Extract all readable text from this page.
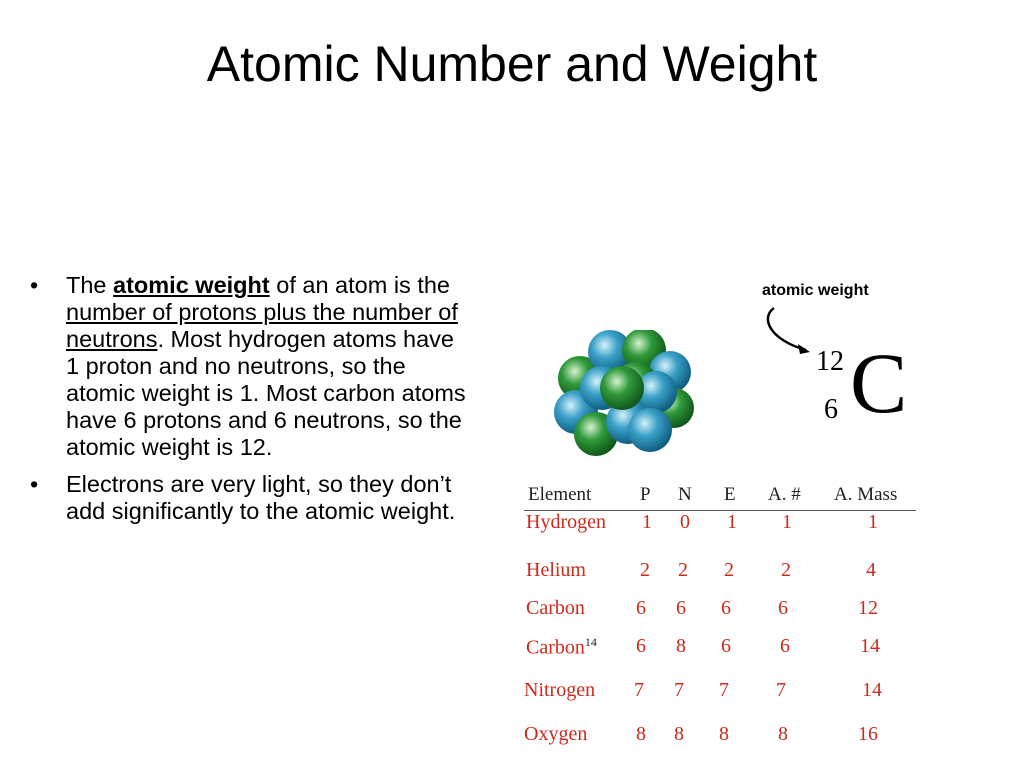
Atomic Number and Weight
• The atomic weight of an atom is the number of protons plus the number of neutrons. Most hydrogen atoms have 1 proton and no neutrons, so the atomic weight is 1. Most carbon atoms have 6 protons and 6 neutrons, so the atomic weight is 12.
• Electrons are very light, so they don’t add significantly to the atomic weight.
atomic weight
12
6 C
Element	P N E A. # A. Mass
Hydrogen 1 0 1 1	1
Helium	2 2 2 2	4
Carbon	6 6 6 6	12
Carbon$^{14}$ 6 8 6 6	14
Nitrogen 7 7 7 7	14
Oxygen 8 8 8 8	16
